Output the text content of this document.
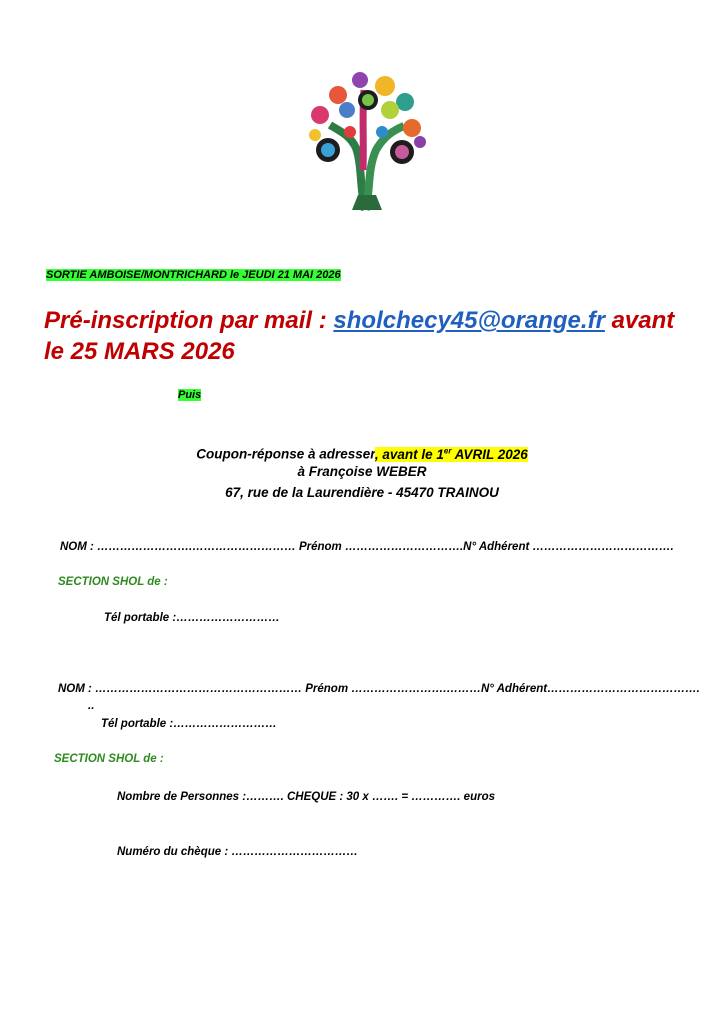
SORTIE AMBOISE/MONTRICHARD le JEUDI 21 MAI 2026
Pré-inscription par mail : sholchecy45@orange.fr avant le 25 MARS 2026
Puis
Coupon-réponse à adresser, avant le 1er AVRIL 2026
à Françoise WEBER
67, rue de la Laurendière - 45470 TRAINOU
NOM : …………………….……………………… Prénom ………………………….N° Adhérent ……………………………….
SECTION SHOL de :
Tél portable :………………………
NOM : ……………………………………………… Prénom …………………….………N° Adhérent………………………………….
..
Tél portable :………………………
SECTION SHOL de :
Nombre de Personnes :………. CHEQUE : 30 x ……. = …………. euros
Numéro du chèque : ……………………………
